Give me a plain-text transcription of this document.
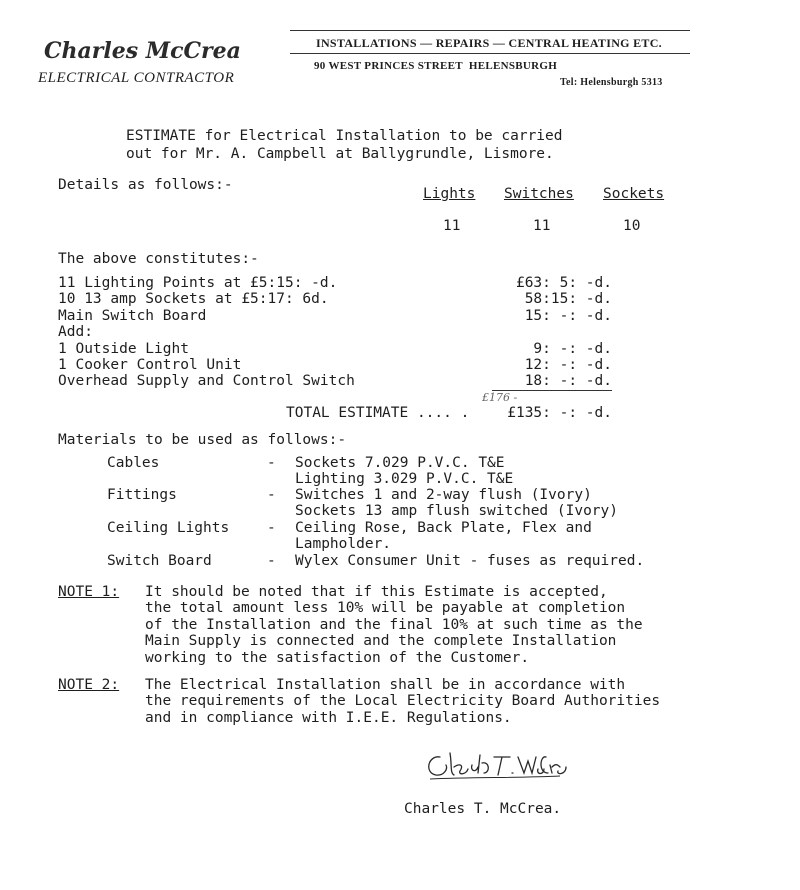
Charles McCrea
ELECTRICAL CONTRACTOR
INSTALLATIONS — REPAIRS — CENTRAL HEATING ETC.
90 WEST PRINCES STREET  HELENSBURGH
Tel: Helensburgh 5313
ESTIMATE for Electrical Installation to be carried
out for Mr. A. Campbell at Ballygrundle, Lismore.
Details as follows:-
Lights Switches Sockets
11	11	10
The above constitutes:-
11 Lighting Points at £5:15: -d.	£63: 5: -d.
10 13 amp Sockets at £5:17: 6d.	58:15: -d.
Main Switch Board	15: -: -d.
Add:
1 Outside Light	9: -: -d.
1 Cooker Control Unit	12: -: -d.
Overhead Supply and Control Switch	18: -: -d.
£176 -
TOTAL ESTIMATE .... .	£135: -: -d.
Materials to be used as follows:-
Cables	- Sockets 7.029 P.V.C. T&E
Lighting 3.029 P.V.C. T&E
Fittings	- Switches 1 and 2-way flush (Ivory)
Sockets 13 amp flush switched (Ivory)
Ceiling Lights	- Ceiling Rose, Back Plate, Flex and
Lampholder.
Switch Board	- Wylex Consumer Unit - fuses as required.
NOTE 1: It should be noted that if this Estimate is accepted,
the total amount less 10% will be payable at completion
of the Installation and the final 10% at such time as the
Main Supply is connected and the complete Installation
working to the satisfaction of the Customer.
NOTE 2: The Electrical Installation shall be in accordance with
the requirements of the Local Electricity Board Authorities
and in compliance with I.E.E. Regulations.
Charles T. McCrea.
